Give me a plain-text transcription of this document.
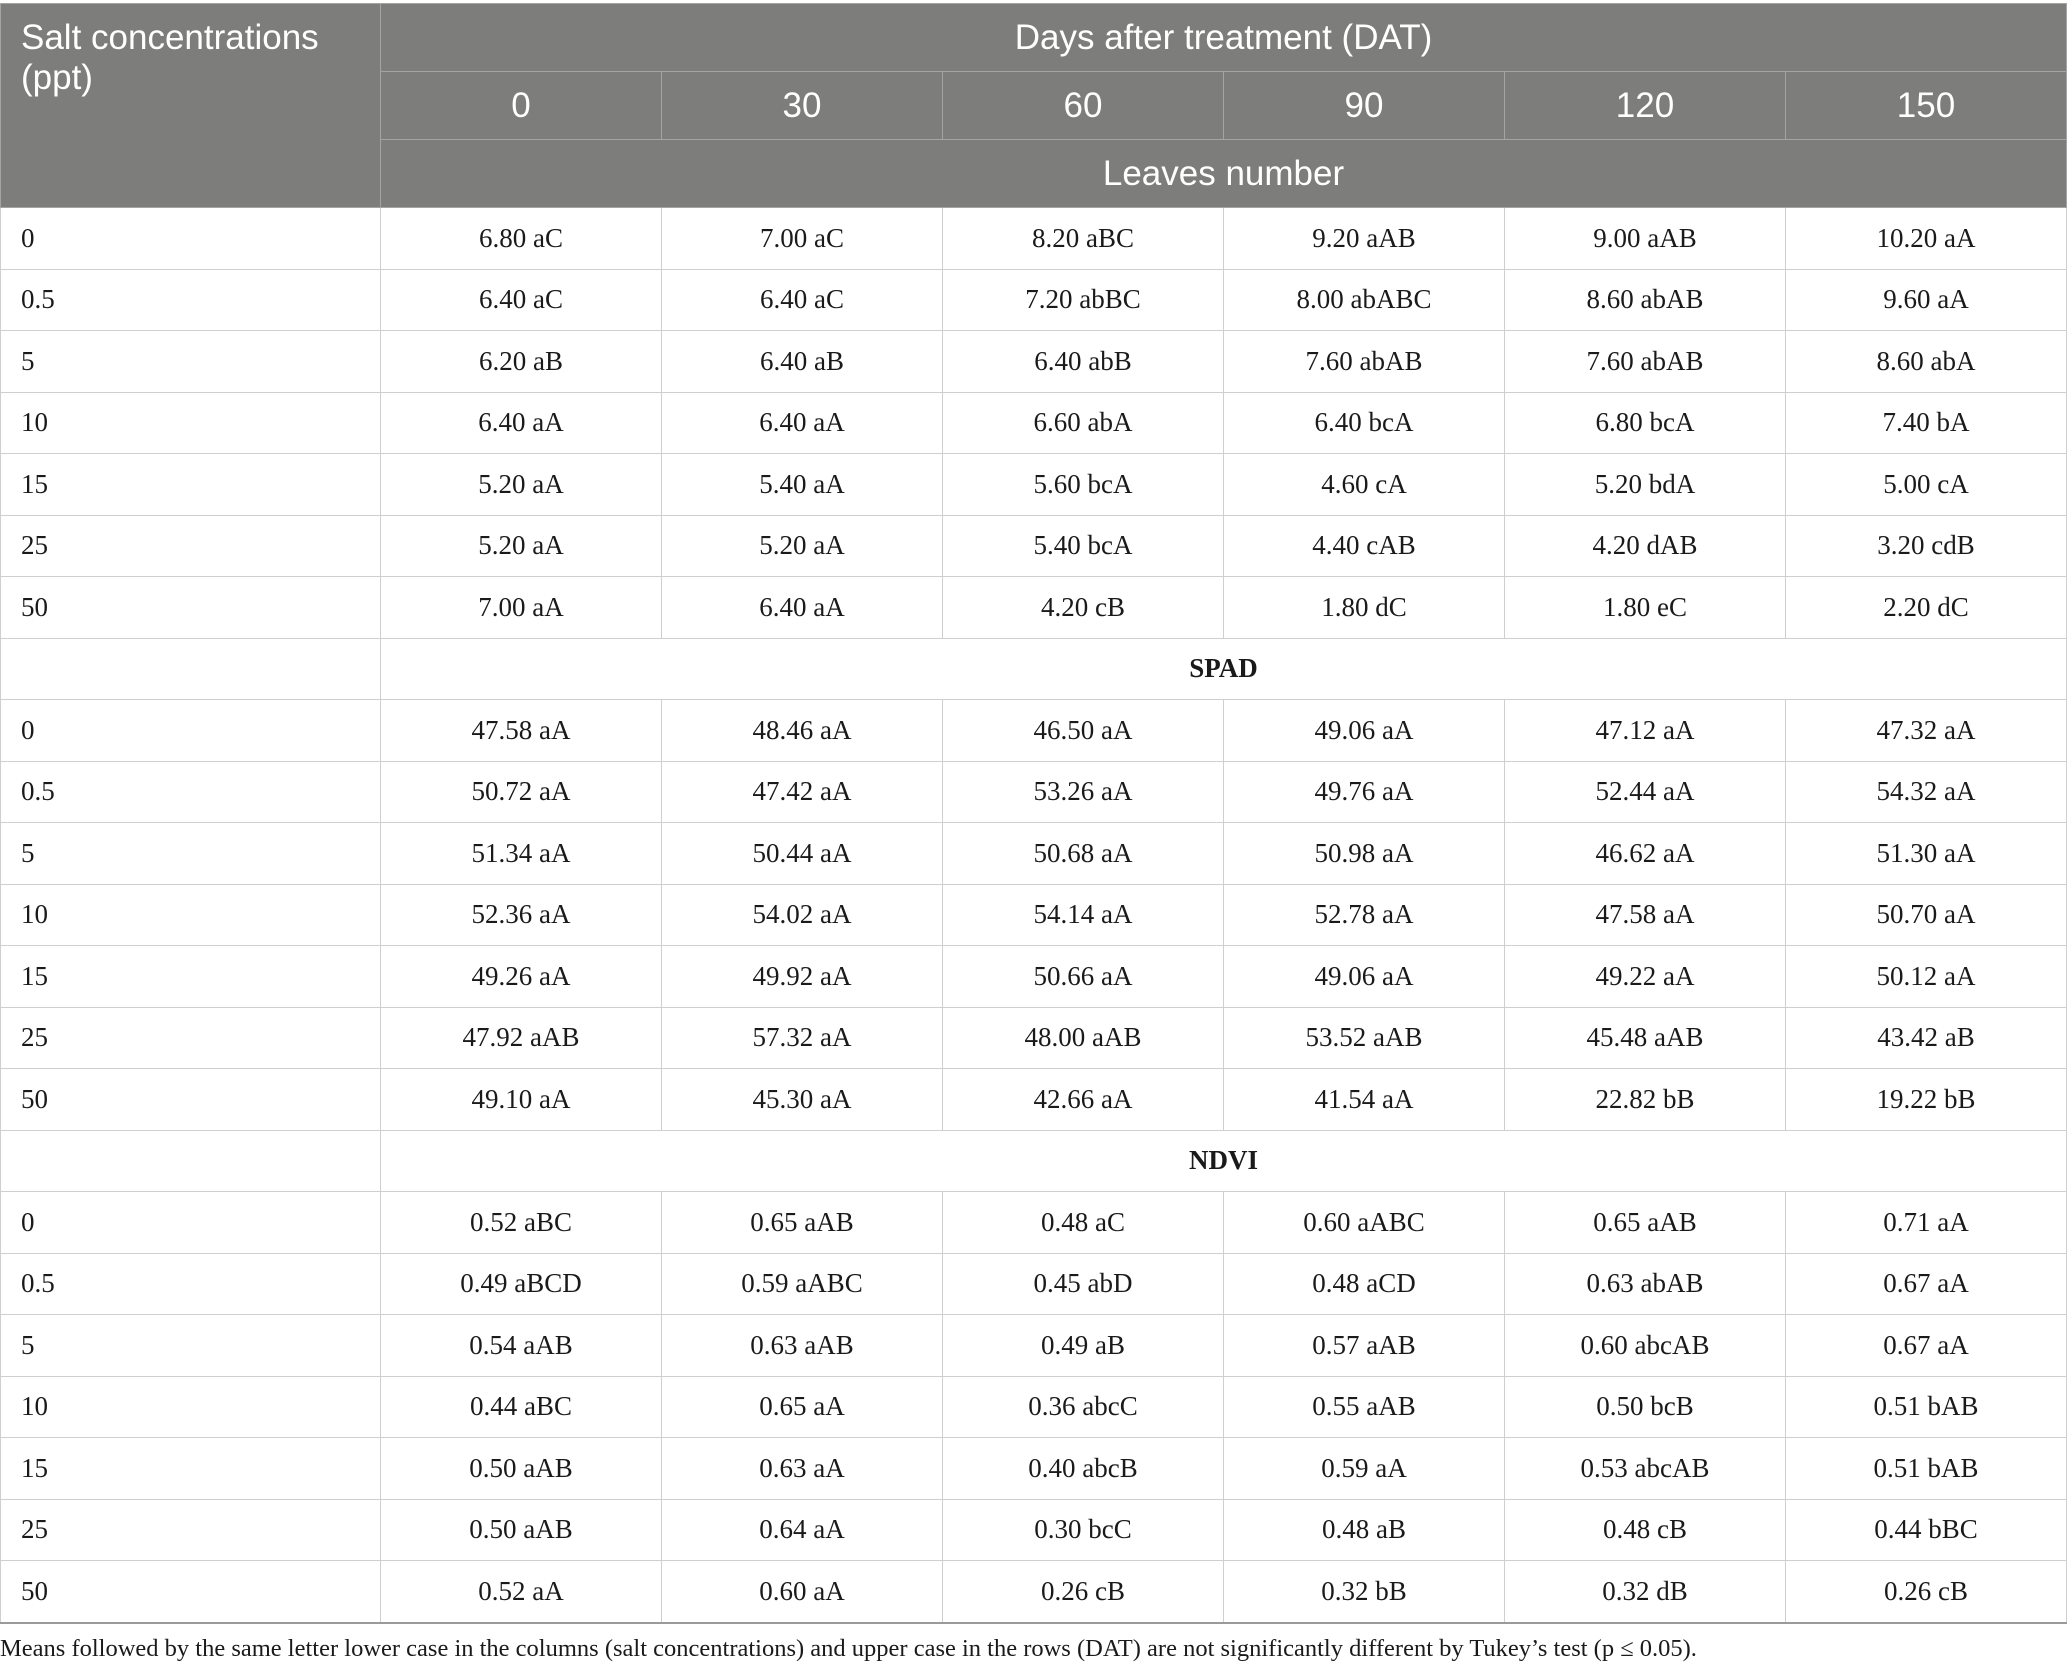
Salt concentrations (ppt)	Days after treatment (DAT)					
	0	30	60	90	120	150
	Leaves number					
0	6.80 aC	7.00 aC	8.20 aBC	9.20 aAB	9.00 aAB	10.20 aA
0.5	6.40 aC	6.40 aC	7.20 abBC	8.00 abABC	8.60 abAB	9.60 aA
5	6.20 aB	6.40 aB	6.40 abB	7.60 abAB	7.60 abAB	8.60 abA
10	6.40 aA	6.40 aA	6.60 abA	6.40 bcA	6.80 bcA	7.40 bA
15	5.20 aA	5.40 aA	5.60 bcA	4.60 cA	5.20 bdA	5.00 cA
25	5.20 aA	5.20 aA	5.40 bcA	4.40 cAB	4.20 dAB	3.20 cdB
50	7.00 aA	6.40 aA	4.20 cB	1.80 dC	1.80 eC	2.20 dC
	SPAD					
0	47.58 aA	48.46 aA	46.50 aA	49.06 aA	47.12 aA	47.32 aA
0.5	50.72 aA	47.42 aA	53.26 aA	49.76 aA	52.44 aA	54.32 aA
5	51.34 aA	50.44 aA	50.68 aA	50.98 aA	46.62 aA	51.30 aA
10	52.36 aA	54.02 aA	54.14 aA	52.78 aA	47.58 aA	50.70 aA
15	49.26 aA	49.92 aA	50.66 aA	49.06 aA	49.22 aA	50.12 aA
25	47.92 aAB	57.32 aA	48.00 aAB	53.52 aAB	45.48 aAB	43.42 aB
50	49.10 aA	45.30 aA	42.66 aA	41.54 aA	22.82 bB	19.22 bB
	NDVI					
0	0.52 aBC	0.65 aAB	0.48 aC	0.60 aABC	0.65 aAB	0.71 aA
0.5	0.49 aBCD	0.59 aABC	0.45 abD	0.48 aCD	0.63 abAB	0.67 aA
5	0.54 aAB	0.63 aAB	0.49 aB	0.57 aAB	0.60 abcAB	0.67 aA
10	0.44 aBC	0.65 aA	0.36 abcC	0.55 aAB	0.50 bcB	0.51 bAB
15	0.50 aAB	0.63 aA	0.40 abcB	0.59 aA	0.53 abcAB	0.51 bAB
25	0.50 aAB	0.64 aA	0.30 bcC	0.48 aB	0.48 cB	0.44 bBC
50	0.52 aA	0.60 aA	0.26 cB	0.32 bB	0.32 dB	0.26 cB
Means followed by the same letter lower case in the columns (salt concentrations) and upper case in the rows (DAT) are not significantly different by Tukey’s test (p ≤ 0.05).
